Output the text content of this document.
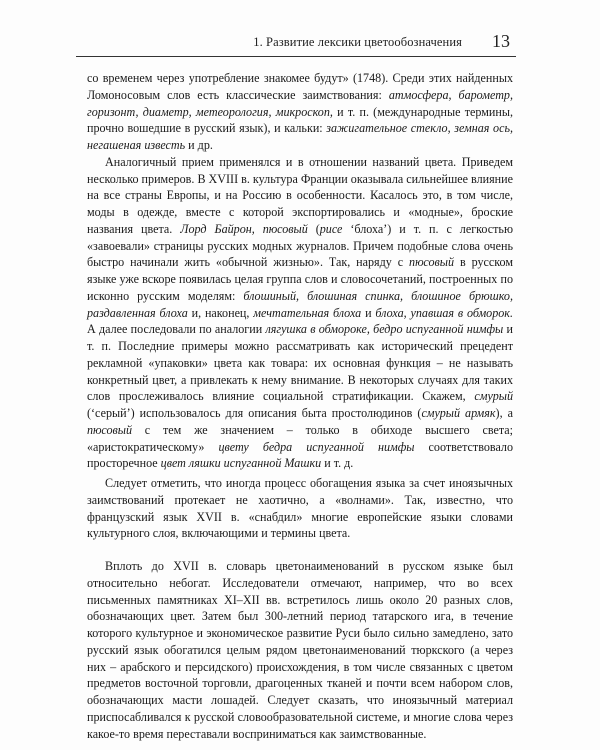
1. Развитие лексики цветообозначения 13

со временем через употребление знакомее будут» (1748). Среди этих найденных Ломоносовым слов есть классические заимствования: атмосфера, барометр, горизонт, диаметр, метеорология, микроскоп, и т. п. (международные термины, прочно вошедшие в русский язык), и кальки: зажигательное стекло, земная ось, негашеная известь и др.

Аналогичный прием применялся и в отношении названий цвета. Приведем несколько примеров. В XVIII в. культура Франции оказывала сильнейшее влияние на все страны Европы, и на Россию в особенности. Касалось это, в том числе, моды в одежде, вместе с которой экспортировались и «модные», броские названия цвета. Лорд Байрон, пюсовый (рисе ‘блоха’) и т. п. с легкостью «завоевали» страницы русских модных журналов. Причем подобные слова очень быстро начинали жить «обычной жизнью». Так, наряду с пюсовый в русском языке уже вскоре появилась целая группа слов и словосочетаний, построенных по исконно русским моделям: блошиный, блошиная спинка, блошиное брюшко, раздавленная блоха и, наконец, мечтательная блоха и блоха, упавшая в обморок. А далее последовали по аналогии лягушка в обмороке, бедро испуганной нимфы и т. п. Последние примеры можно рассматривать как исторический прецедент рекламной «упаковки» цвета как товара: их основная функция – не называть конкретный цвет, а привлекать к нему внимание. В некоторых случаях для таких слов прослеживалось влияние социальной стратификации. Скажем, смурый (‘серый’) использовалось для описания быта простолюдинов (смурый армяк), а пюсовый с тем же значением – только в обиходе высшего света; «аристократическому» цвету бедра испуганной нимфы соответствовало просторечное цвет ляшки испуганной Машки и т. д.

Следует отметить, что иногда процесс обогащения языка за счет иноязычных заимствований протекает не хаотично, а «волнами». Так, известно, что французский язык XVII в. «снабдил» многие европейские языки словами культурного слоя, включающими и термины цвета.

Вплоть до XVII в. словарь цветонаименований в русском языке был относительно небогат. Исследователи отмечают, например, что во всех письменных памятниках XI–XII вв. встретилось лишь около 20 разных слов, обозначающих цвет. Затем был 300-летний период татарского ига, в течение которого культурное и экономическое развитие Руси было сильно замедлено, зато русский язык обогатился целым рядом цветонаименований тюркского (а через них – арабского и персидского) происхождения, в том числе связанных с цветом предметов восточной торговли, драгоценных тканей и почти всем набором слов, обозначающих масти лошадей. Следует сказать, что иноязычный материал приспосабливался к русской словообразовательной системе, и многие слова через какое-то время переставали восприниматься как заимствованные.
